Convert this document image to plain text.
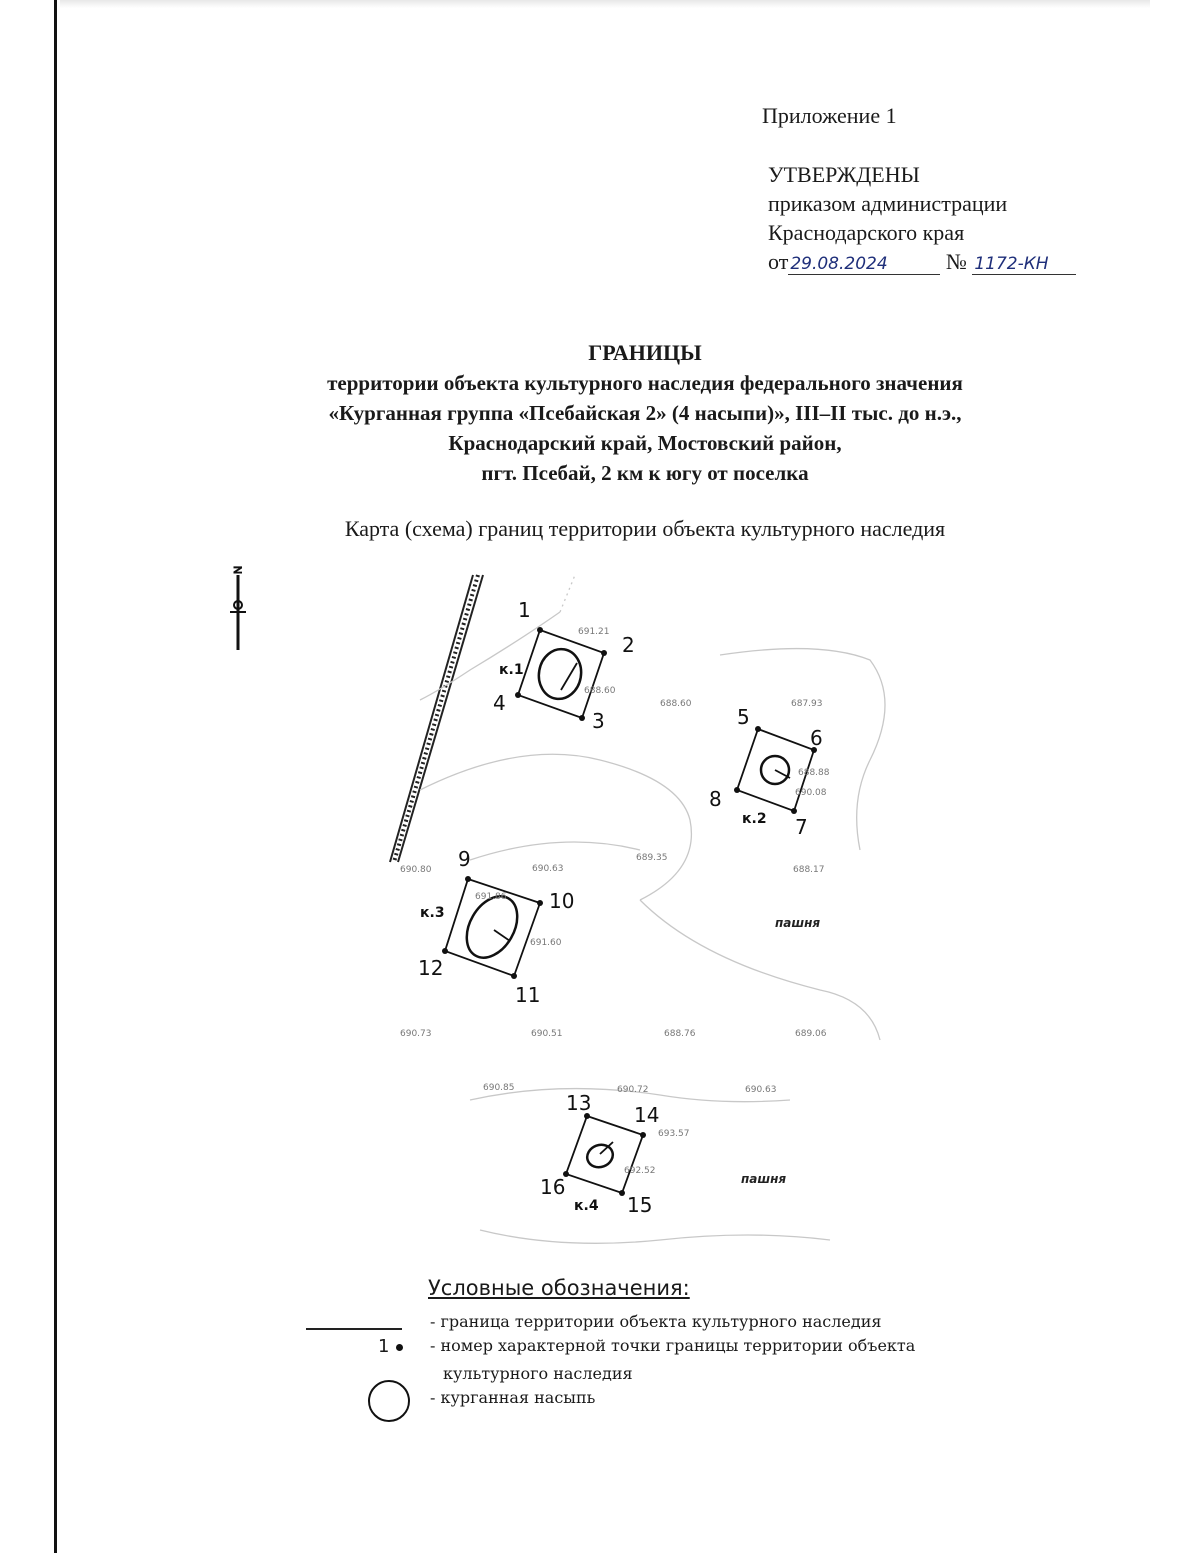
Приложение 1
УТВЕРЖДЕНЫ
приказом администрации
Краснодарского края
от 29.08.2024	№ 1172-КН
ГРАНИЦЫ
территории объекта культурного наследия федерального значения
«Курганная группа «Псебайская 2» (4 насыпи)», III–II тыс. до н.э.,
Краснодарский край, Мостовский район,
пгт. Псебай, 2 км к югу от поселка
Карта (схема) границ территории объекта культурного наследия
N
1
2
3
4
5
6
7
8
9
10
11
12
13 14
15
16
к.1
к.2
к.3
к.4
пашня
пашня
691.21
688.60
688.60	687.93
688.88
690.08
690.80	690.63
689.35
688.17
691.86
691.60
690.73	690.51	688.76	689.06
690.85	690.72	690.63
693.57
692.52
Условные обозначения:
- граница территории объекта культурного наследия
1	- номер характерной точки границы территории объекта
культурного наследия
- курганная насыпь
